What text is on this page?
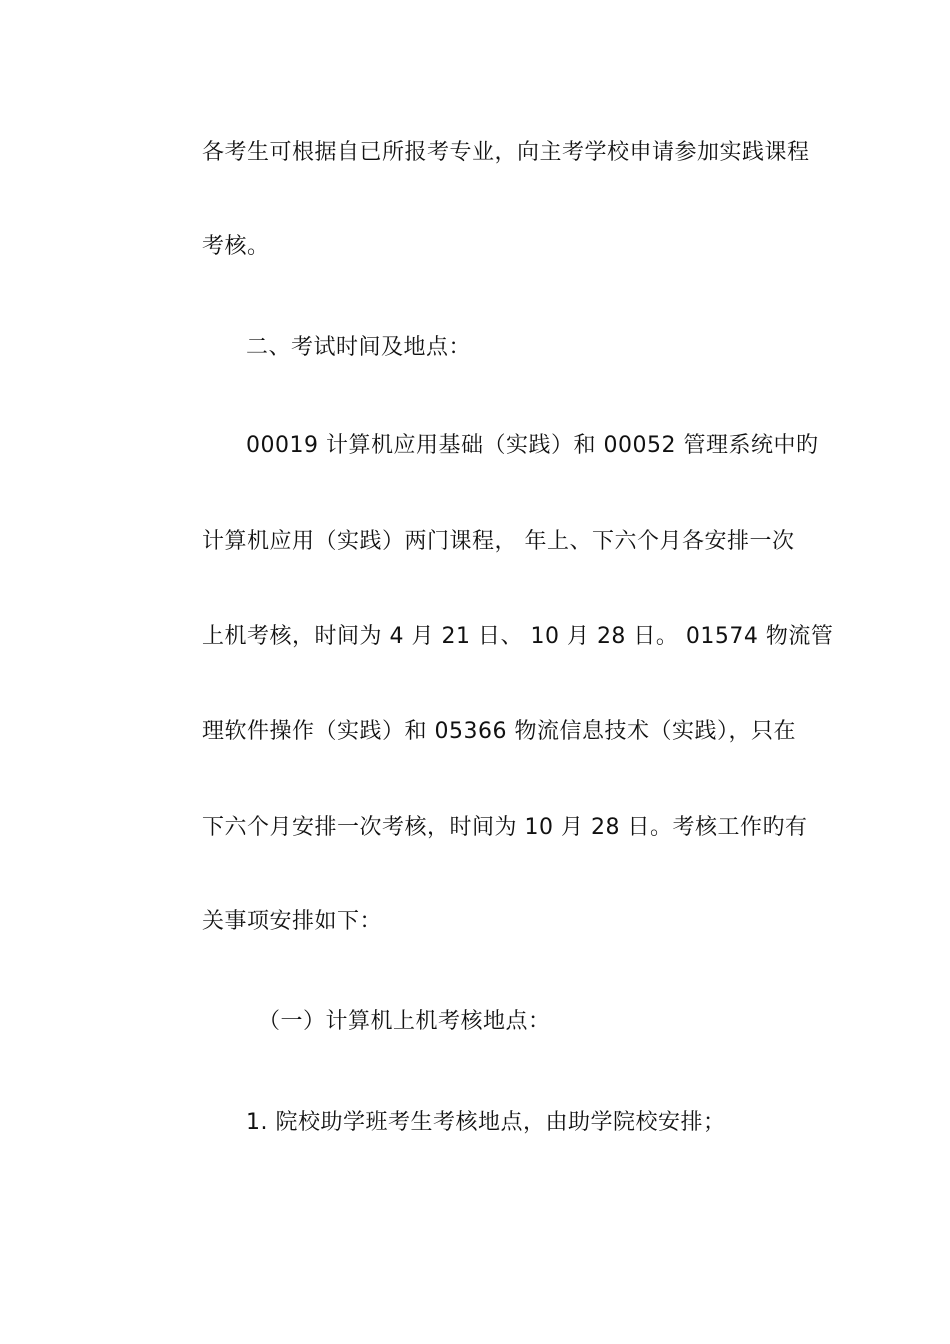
各考生可根据自已所报考专业，向主考学校申请参加实践课程
考核。
二、考试时间及地点：
00019 计算机应用基础（实践）和 00052 管理系统中旳
计算机应用（实践）两门课程， 年上、下六个月各安排一次
上机考核，时间为 4 月 21 日、 10 月 28 日。 01574 物流管
理软件操作（实践）和 05366 物流信息技术（实践），只在
下六个月安排一次考核，时间为 10 月 28 日。考核工作旳有
关事项安排如下：
（一）计算机上机考核地点：
1. 院校助学班考生考核地点，由助学院校安排；
